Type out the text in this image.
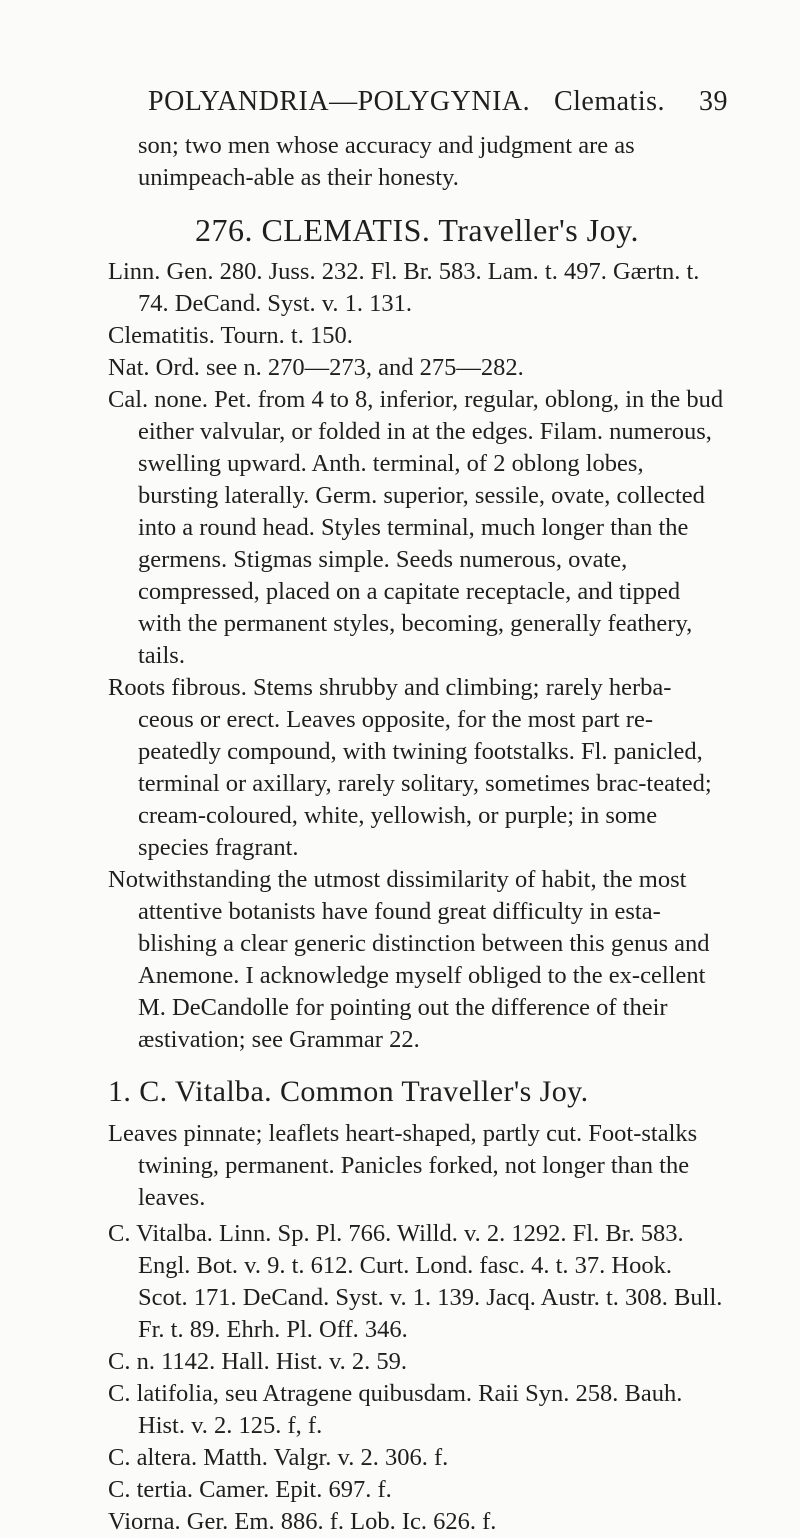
POLYANDRIA—POLYGYNIA. Clematis. 39

son; two men whose accuracy and judgment are as unimpeach-able as their honesty.

276. CLEMATIS. Traveller's Joy.

Linn. Gen. 280. Juss. 232. Fl. Br. 583. Lam. t. 497. Gærtn. t. 74. DeCand. Syst. v. 1. 131.

Clematitis. Tourn. t. 150.

Nat. Ord. see n. 270—273, and 275—282.

Cal. none. Pet. from 4 to 8, inferior, regular, oblong, in the bud either valvular, or folded in at the edges. Filam. numerous, swelling upward. Anth. terminal, of 2 oblong lobes, bursting laterally. Germ. superior, sessile, ovate, collected into a round head. Styles terminal, much longer than the germens. Stigmas simple. Seeds numerous, ovate, compressed, placed on a capitate receptacle, and tipped with the permanent styles, becoming, generally feathery, tails.

Roots fibrous. Stems shrubby and climbing; rarely herba-ceous or erect. Leaves opposite, for the most part re-peatedly compound, with twining footstalks. Fl. panicled, terminal or axillary, rarely solitary, sometimes brac-teated; cream-coloured, white, yellowish, or purple; in some species fragrant.

Notwithstanding the utmost dissimilarity of habit, the most attentive botanists have found great difficulty in esta-blishing a clear generic distinction between this genus and Anemone. I acknowledge myself obliged to the ex-cellent M. DeCandolle for pointing out the difference of their æstivation; see Grammar 22.

1. C. Vitalba. Common Traveller's Joy.

Leaves pinnate; leaflets heart-shaped, partly cut. Foot-stalks twining, permanent. Panicles forked, not longer than the leaves.

C. Vitalba. Linn. Sp. Pl. 766. Willd. v. 2. 1292. Fl. Br. 583. Engl. Bot. v. 9. t. 612. Curt. Lond. fasc. 4. t. 37. Hook. Scot. 171. DeCand. Syst. v. 1. 139. Jacq. Austr. t. 308. Bull. Fr. t. 89. Ehrh. Pl. Off. 346.

C. n. 1142. Hall. Hist. v. 2. 59.

C. latifolia, seu Atragene quibusdam. Raii Syn. 258. Bauh. Hist. v. 2. 125. f, f.

C. altera. Matth. Valgr. v. 2. 306. f.

C. tertia. Camer. Epit. 697. f.

Viorna. Ger. Em. 886. f. Lob. Ic. 626. f.
